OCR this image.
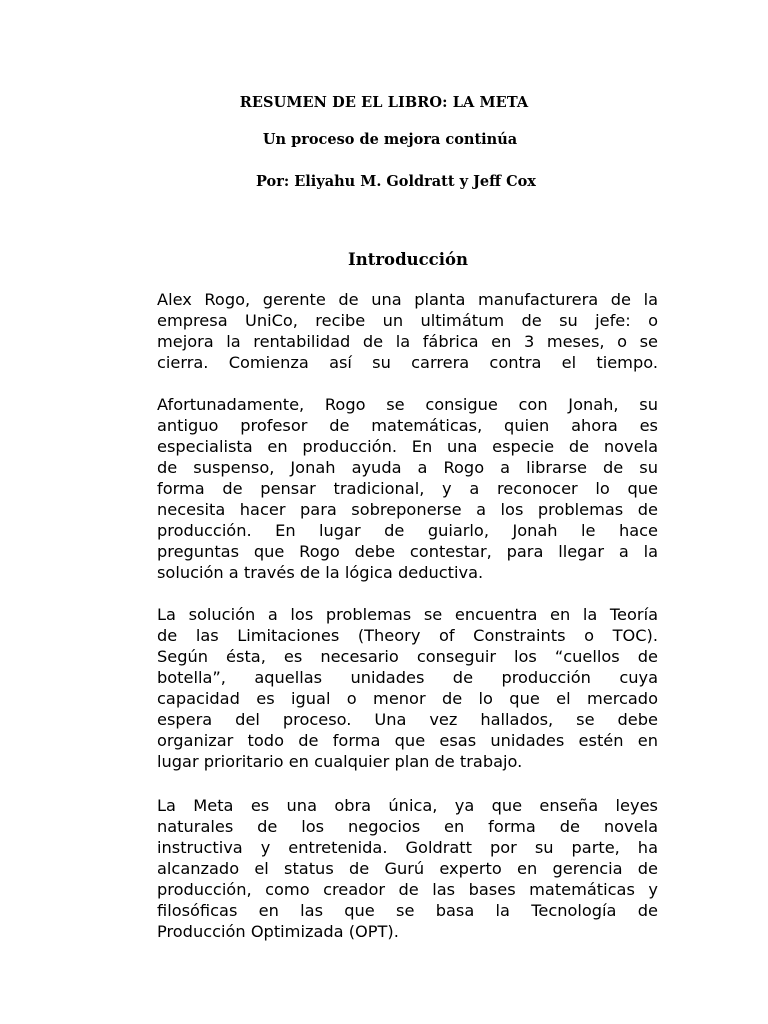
RESUMEN DE EL LIBRO: LA META
Un proceso de mejora continúa
Por: Eliyahu M. Goldratt y Jeff Cox
Introducción

Alex Rogo, gerente de una planta manufacturera de la
empresa UniCo, recibe un ultimátum de su jefe: o
mejora la rentabilidad de la fábrica en 3 meses, o se
cierra. Comienza así su carrera contra el tiempo.

Afortunadamente, Rogo se consigue con Jonah, su
antiguo profesor de matemáticas, quien ahora es
especialista en producción. En una especie de novela
de suspenso, Jonah ayuda a Rogo a librarse de su
forma de pensar tradicional, y a reconocer lo que
necesita hacer para sobreponerse a los problemas de
producción. En lugar de guiarlo, Jonah le hace
preguntas que Rogo debe contestar, para llegar a la
solución a través de la lógica deductiva.

La solución a los problemas se encuentra en la Teoría
de las Limitaciones (Theory of Constraints o TOC).
Según ésta, es necesario conseguir los “cuellos de
botella”, aquellas unidades de producción cuya
capacidad es igual o menor de lo que el mercado
espera del proceso. Una vez hallados, se debe
organizar todo de forma que esas unidades estén en
lugar prioritario en cualquier plan de trabajo.

La Meta es una obra única, ya que enseña leyes
naturales de los negocios en forma de novela
instructiva y entretenida. Goldratt por su parte, ha
alcanzado el status de Gurú experto en gerencia de
producción, como creador de las bases matemáticas y
filosóficas en las que se basa la Tecnología de
Producción Optimizada (OPT).
